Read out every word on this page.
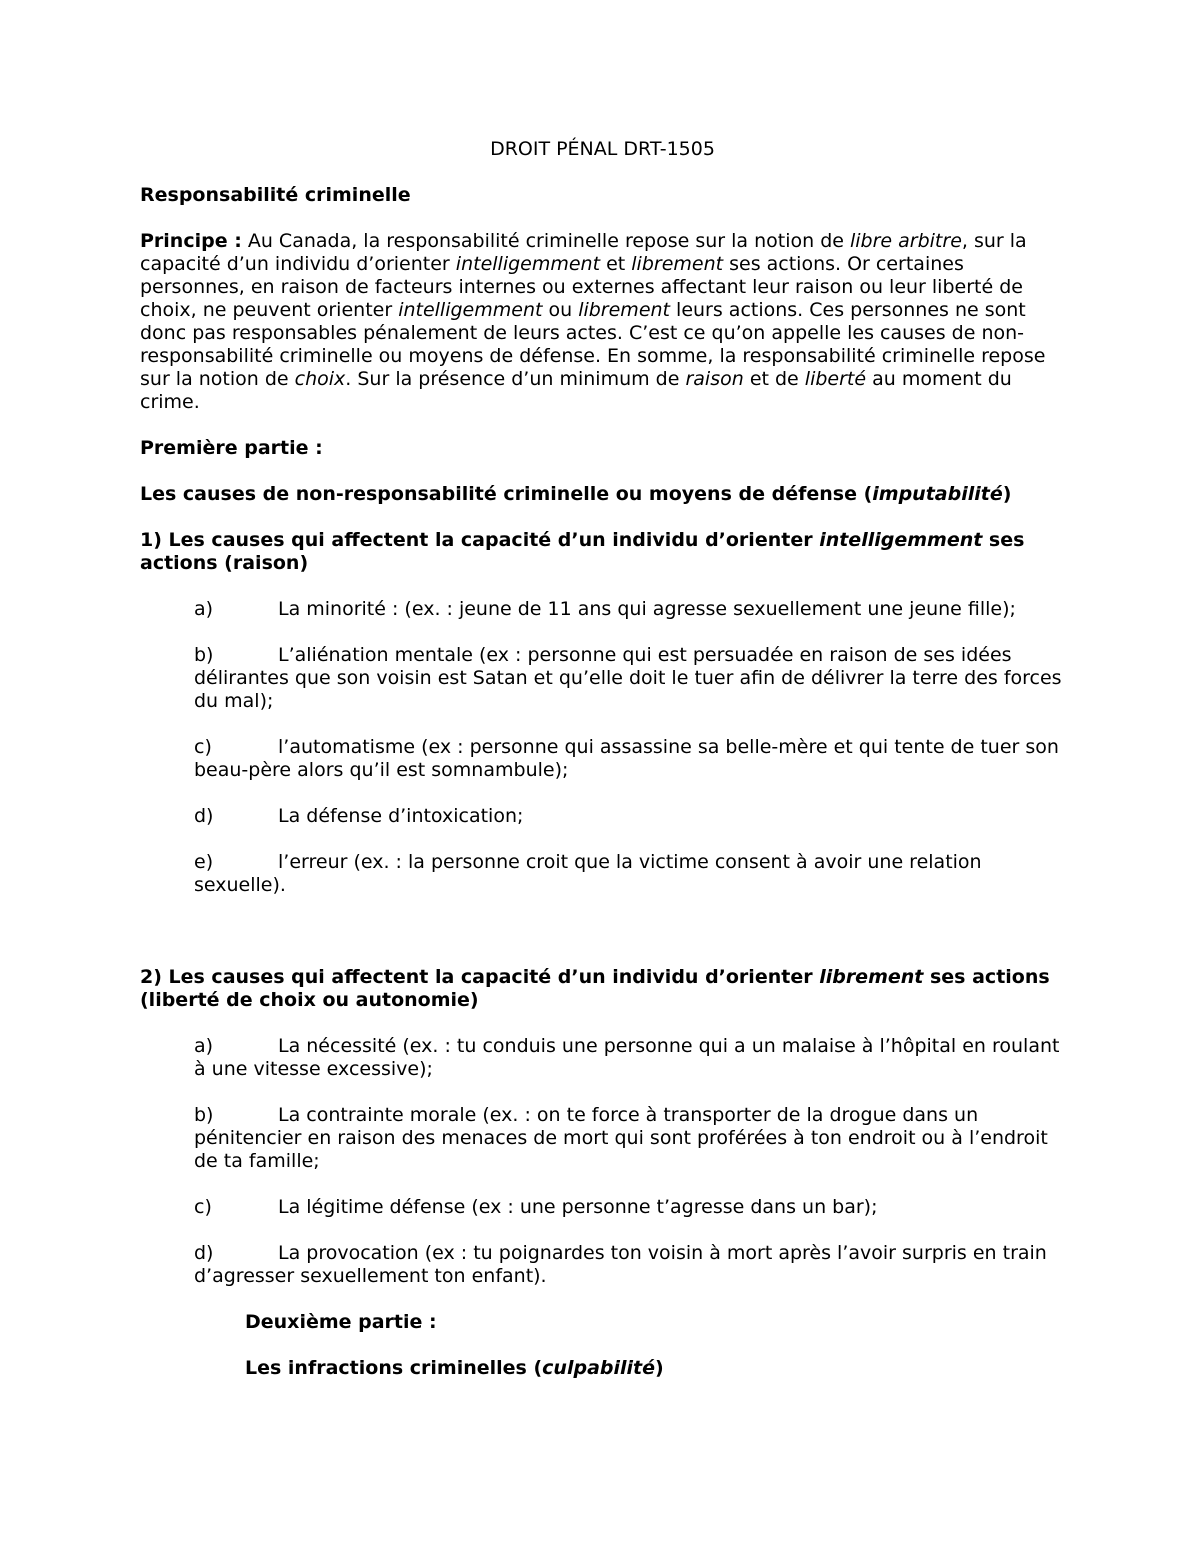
DROIT PÉNAL DRT-1505

Responsabilité criminelle

Principe : Au Canada, la responsabilité criminelle repose sur la notion de libre arbitre, sur la capacité d’un individu d’orienter intelligemment et librement ses actions. Or certaines personnes, en raison de facteurs internes ou externes affectant leur raison ou leur liberté de choix, ne peuvent orienter intelligemment ou librement leurs actions. Ces personnes ne sont donc pas responsables pénalement de leurs actes. C’est ce qu’on appelle les causes de non-responsabilité criminelle ou moyens de défense. En somme, la responsabilité criminelle repose sur la notion de choix. Sur la présence d’un minimum de raison et de liberté au moment du crime.

Première partie :

Les causes de non-responsabilité criminelle ou moyens de défense (imputabilité)

1) Les causes qui affectent la capacité d’un individu d’orienter intelligemment ses actions (raison)

a)	La minorité : (ex. : jeune de 11 ans qui agresse sexuellement une jeune fille);

b)	L’aliénation mentale (ex : personne qui est persuadée en raison de ses idées délirantes que son voisin est Satan et qu’elle doit le tuer afin de délivrer la terre des forces du mal);

c)	l’automatisme (ex : personne qui assassine sa belle-mère et qui tente de tuer son beau-père alors qu’il est somnambule);

d)	La défense d’intoxication;

e)	l’erreur (ex. : la personne croit que la victime consent à avoir une relation sexuelle).

2) Les causes qui affectent la capacité d’un individu d’orienter librement ses actions (liberté de choix ou autonomie)

a)	La nécessité (ex. : tu conduis une personne qui a un malaise à l’hôpital en roulant à une vitesse excessive);

b)	La contrainte morale (ex. : on te force à transporter de la drogue dans un pénitencier en raison des menaces de mort qui sont proférées à ton endroit ou à l’endroit de ta famille;

c)	La légitime défense (ex : une personne t’agresse dans un bar);

d)	La provocation (ex : tu poignardes ton voisin à mort après l’avoir surpris en train d’agresser sexuellement ton enfant).

Deuxième partie :

Les infractions criminelles (culpabilité)
